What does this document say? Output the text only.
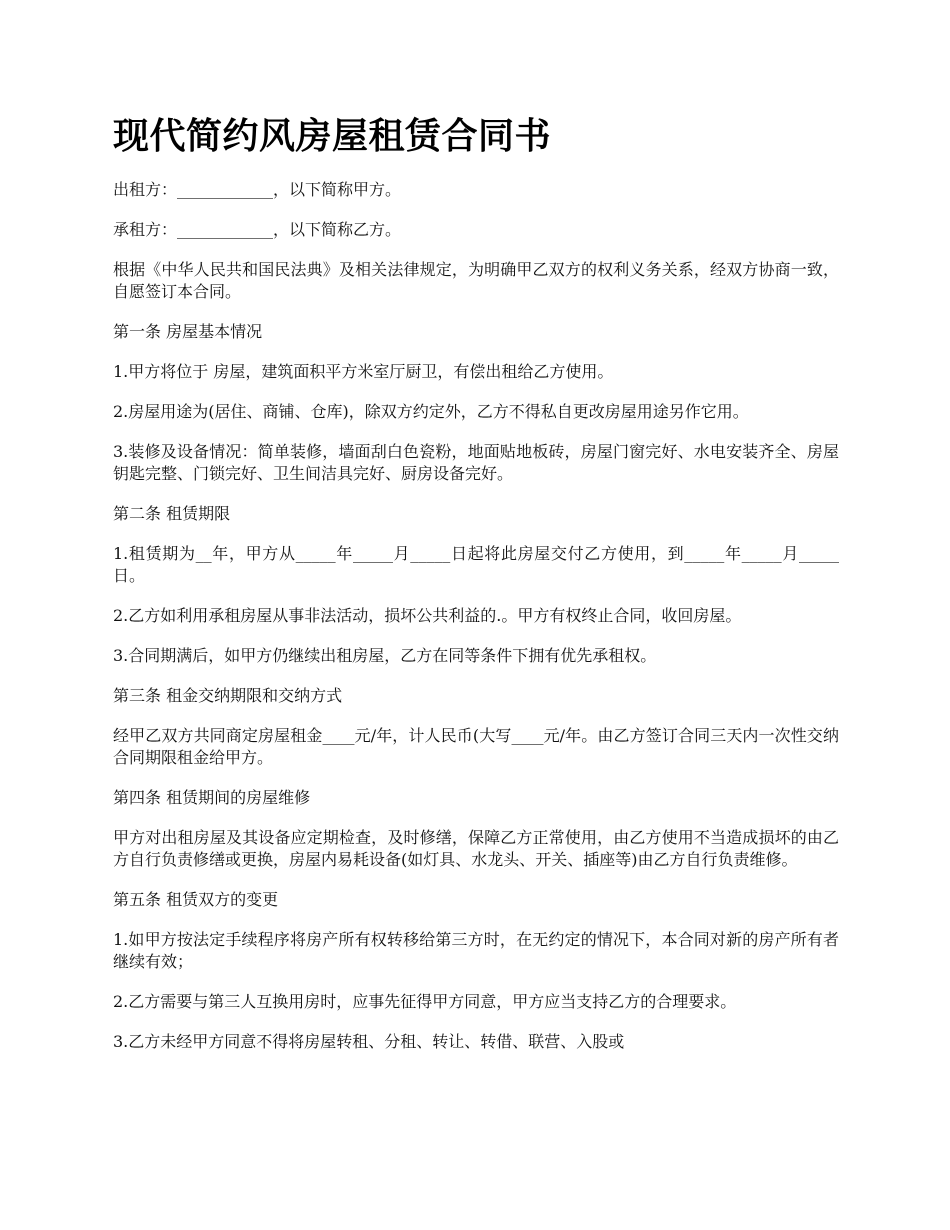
现代简约风房屋租赁合同书

出租方：____________，以下简称甲方。

承租方：____________，以下简称乙方。

根据《中华人民共和国民法典》及相关法律规定，为明确甲乙双方的权利义务关系，经双方协商一致，自愿签订本合同。

第一条 房屋基本情况

1.甲方将位于 房屋，建筑面积平方米室厅厨卫，有偿出租给乙方使用。

2.房屋用途为(居住、商铺、仓库)，除双方约定外，乙方不得私自更改房屋用途另作它用。

3.装修及设备情况：简单装修，墙面刮白色瓷粉，地面贴地板砖，房屋门窗完好、水电安装齐全、房屋钥匙完整、门锁完好、卫生间洁具完好、厨房设备完好。

第二条 租赁期限

1.租赁期为__年，甲方从_____年_____月_____日起将此房屋交付乙方使用，到_____年_____月_____日。

2.乙方如利用承租房屋从事非法活动，损坏公共利益的.。甲方有权终止合同，收回房屋。

3.合同期满后，如甲方仍继续出租房屋，乙方在同等条件下拥有优先承租权。

第三条 租金交纳期限和交纳方式

经甲乙双方共同商定房屋租金____元/年，计人民币(大写____元/年。由乙方签订合同三天内一次性交纳合同期限租金给甲方。

第四条 租赁期间的房屋维修

甲方对出租房屋及其设备应定期检查，及时修缮，保障乙方正常使用，由乙方使用不当造成损坏的由乙方自行负责修缮或更换，房屋内易耗设备(如灯具、水龙头、开关、插座等)由乙方自行负责维修。

第五条 租赁双方的变更

1.如甲方按法定手续程序将房产所有权转移给第三方时，在无约定的情况下，本合同对新的房产所有者继续有效；

2.乙方需要与第三人互换用房时，应事先征得甲方同意，甲方应当支持乙方的合理要求。

3.乙方未经甲方同意不得将房屋转租、分租、转让、转借、联营、入股或
